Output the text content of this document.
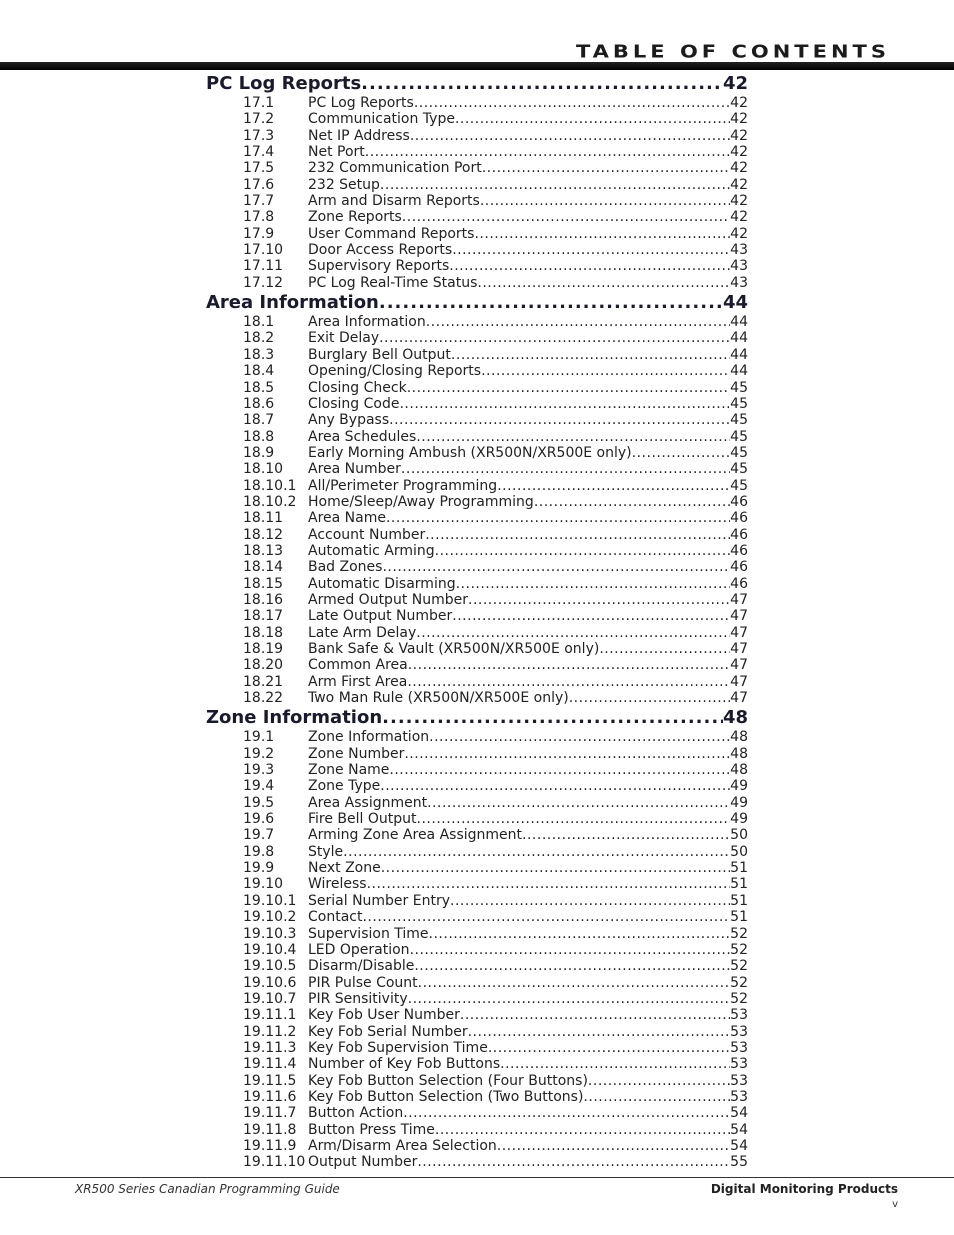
TABLE OF CONTENTS
PC Log Reports .....	42
17.1	PC Log Reports .....	42
17.2	Communication Type .....	42
17.3	Net IP Address .....	42
17.4	Net Port .....	42
17.5	232 Communication Port .....	42
17.6	232 Setup .....	42
17.7	Arm and Disarm Reports .....	42
17.8	Zone Reports .....	42
17.9	User Command Reports .....	42
17.10	Door Access Reports .....	43
17.11	Supervisory Reports .....	43
17.12	PC Log Real-Time Status .....	43
Area Information .....	44
18.1	Area Information .....	44
18.2	Exit Delay .....	44
18.3	Burglary Bell Output .....	44
18.4	Opening/Closing Reports .....	44
18.5	Closing Check .....	45
18.6	Closing Code .....	45
18.7	Any Bypass .....	45
18.8	Area Schedules .....	45
18.9	Early Morning Ambush (XR500N/XR500E only) .....	45
18.10	Area Number .....	45
18.10.1 All/Perimeter Programming .....	45
18.10.2 Home/Sleep/Away Programming .....	46
18.11	Area Name .....	46
18.12	Account Number .....	46
18.13	Automatic Arming .....	46
18.14	Bad Zones .....	46
18.15	Automatic Disarming .....	46
18.16	Armed Output Number .....	47
18.17	Late Output Number .....	47
18.18	Late Arm Delay .....	47
18.19	Bank Safe & Vault (XR500N/XR500E only) .....	47
18.20	Common Area .....	47
18.21	Arm First Area .....	47
18.22	Two Man Rule (XR500N/XR500E only) .....	47
Zone Information .....	48
19.1	Zone Information .....	48
19.2	Zone Number .....	48
19.3	Zone Name .....	48
19.4	Zone Type .....	49
19.5	Area Assignment .....	49
19.6	Fire Bell Output .....	49
19.7	Arming Zone Area Assignment .....	50
19.8	Style .....	50
19.9	Next Zone .....	51
19.10	Wireless .....	51
19.10.1 Serial Number Entry .....	51
19.10.2 Contact .....	51
19.10.3 Supervision Time .....	52
19.10.4 LED Operation .....	52
19.10.5 Disarm/Disable .....	52
19.10.6 PIR Pulse Count .....	52
19.10.7 PIR Sensitivity .....	52
19.11.1 Key Fob User Number .....	53
19.11.2 Key Fob Serial Number .....	53
19.11.3 Key Fob Supervision Time .....	53
19.11.4 Number of Key Fob Buttons .....	53
19.11.5 Key Fob Button Selection (Four Buttons) .....	53
19.11.6 Key Fob Button Selection (Two Buttons) .....	53
19.11.7 Button Action .....	54
19.11.8 Button Press Time .....	54
19.11.9 Arm/Disarm Area Selection .....	54
19.11.10 Output Number .....	55
XR500 Series Canadian Programming Guide	Digital Monitoring Products
v
